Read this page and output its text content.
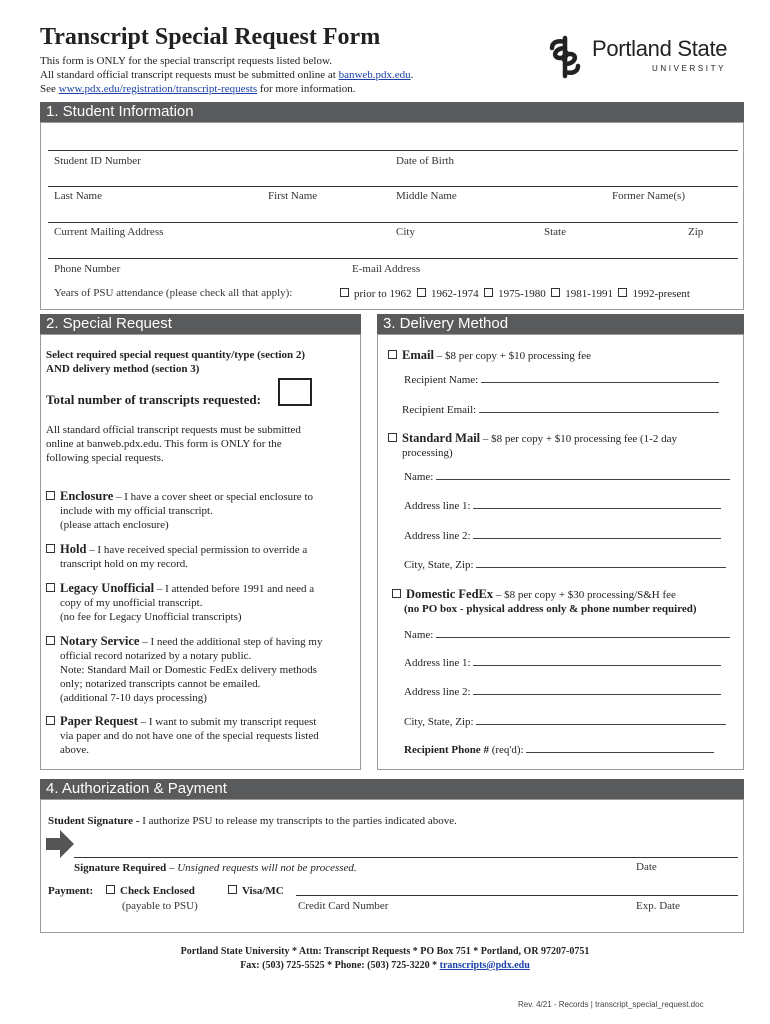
Transcript Special Request Form
This form is ONLY for the special transcript requests listed below.
All standard official transcript requests must be submitted online at banweb.pdx.edu.
See www.pdx.edu/registration/transcript-requests for more information.
Portland State
UNIVERSITY
1. Student Information
Student ID Number	Date of Birth
Last Name	First Name	Middle Name	Former Name(s)
Current Mailing Address	City	State	Zip
Phone Number	E-mail Address
Years of PSU attendance (please check all that apply):	prior to 1962 1962-1974 1975-1980 1981-1991 1992-present
2. Special Request
Select required special request quantity/type (section 2)
AND delivery method (section 3)
Total number of transcripts requested:
All standard official transcript requests must be submitted
online at banweb.pdx.edu. This form is ONLY for the
following special requests.
Enclosure – I have a cover sheet or special enclosure to
include with my official transcript.
(please attach enclosure)
Hold – I have received special permission to override a
transcript hold on my record.
Legacy Unofficial – I attended before 1991 and need a
copy of my unofficial transcript.
(no fee for Legacy Unofficial transcripts)
Notary Service – I need the additional step of having my
official record notarized by a notary public.
Note: Standard Mail or Domestic FedEx delivery methods
only; notarized transcripts cannot be emailed.
(additional 7-10 days processing)
Paper Request – I want to submit my transcript request
via paper and do not have one of the special requests listed
above.
3. Delivery Method
Email – $8 per copy + $10 processing fee
Recipient Name:
Recipient Email:
Standard Mail – $8 per copy + $10 processing fee (1-2 day
processing)
Name:
Address line 1:
Address line 2:
City, State, Zip:
Domestic FedEx – $8 per copy + $30 processing/S&H fee
(no PO box - physical address only & phone number required)
Name:
Address line 1:
Address line 2:
City, State, Zip:
Recipient Phone # (req'd):
4. Authorization & Payment
Student Signature - I authorize PSU to release my transcripts to the parties indicated above.
Signature Required – Unsigned requests will not be processed.	Date
Payment:	Check Enclosed
(payable to PSU)
Visa/MC
Credit Card Number	Exp. Date
Portland State University * Attn: Transcript Requests * PO Box 751 * Portland, OR 97207-0751
Fax: (503) 725-5525 * Phone: (503) 725-3220 * transcripts@pdx.edu
Rev. 4/21 - Records | transcript_special_request.doc
